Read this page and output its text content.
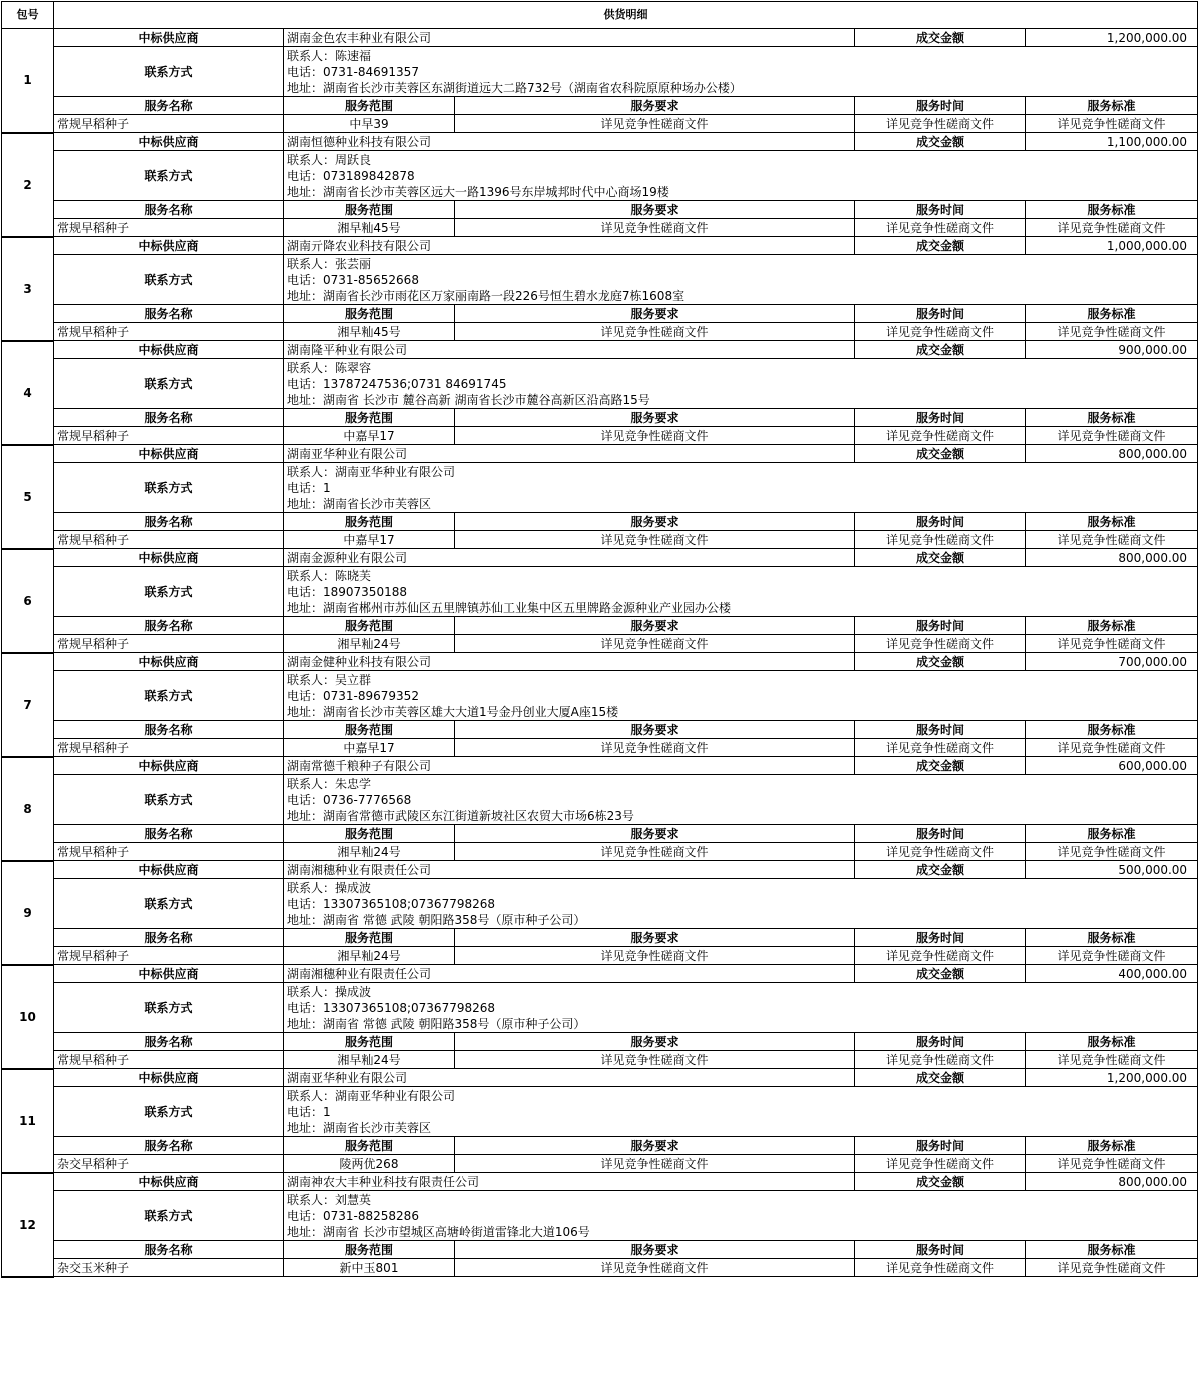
包号	供货明细				
1	中标供应商	湖南金色农丰种业有限公司		成交金额	1,200,000.00
	联系方式	联系人：陈速福
电话：0731-84691357
地址：湖南省长沙市芙蓉区东湖街道远大二路732号（湖南省农科院原原种场办公楼）			

	服务名称	服务范围	服务要求	服务时间	服务标准
	常规早稻种子	中早39	详见竞争性磋商文件	详见竞争性磋商文件	详见竞争性磋商文件
2	中标供应商	湖南恒德种业科技有限公司		成交金额	1,100,000.00
	联系方式	联系人：周跃良
电话：073189842878
地址：湖南省长沙市芙蓉区远大一路1396号东岸城邦时代中心商场19楼			

	服务名称	服务范围	服务要求	服务时间	服务标准
	常规早稻种子	湘早籼45号	详见竞争性磋商文件	详见竞争性磋商文件	详见竞争性磋商文件
3	中标供应商	湖南亓降农业科技有限公司		成交金额	1,000,000.00
	联系方式	联系人：张芸丽
电话：0731-85652668
地址：湖南省长沙市雨花区万家丽南路一段226号恒生碧水龙庭7栋1608室			

	服务名称	服务范围	服务要求	服务时间	服务标准
	常规早稻种子	湘早籼45号	详见竞争性磋商文件	详见竞争性磋商文件	详见竞争性磋商文件
4	中标供应商	湖南隆平种业有限公司		成交金额	900,000.00
	联系方式	联系人：陈翠容
电话：13787247536;0731 84691745
地址：湖南省 长沙市 麓谷高新 湖南省长沙市麓谷高新区沿高路15号			

	服务名称	服务范围	服务要求	服务时间	服务标准
	常规早稻种子	中嘉早17	详见竞争性磋商文件	详见竞争性磋商文件	详见竞争性磋商文件
5	中标供应商	湖南亚华种业有限公司		成交金额	800,000.00
	联系方式	联系人：湖南亚华种业有限公司
电话：1
地址：湖南省长沙市芙蓉区			

	服务名称	服务范围	服务要求	服务时间	服务标准
	常规早稻种子	中嘉早17	详见竞争性磋商文件	详见竞争性磋商文件	详见竞争性磋商文件
6	中标供应商	湖南金源种业有限公司		成交金额	800,000.00
	联系方式	联系人：陈晓芙
电话：18907350188
地址：湖南省郴州市苏仙区五里牌镇苏仙工业集中区五里牌路金源种业产业园办公楼			

	服务名称	服务范围	服务要求	服务时间	服务标准
	常规早稻种子	湘早籼24号	详见竞争性磋商文件	详见竞争性磋商文件	详见竞争性磋商文件
7	中标供应商	湖南金健种业科技有限公司		成交金额	700,000.00
	联系方式	联系人：吴立群
电话：0731-89679352
地址：湖南省长沙市芙蓉区雄大大道1号金丹创业大厦A座15楼			

	服务名称	服务范围	服务要求	服务时间	服务标准
	常规早稻种子	中嘉早17	详见竞争性磋商文件	详见竞争性磋商文件	详见竞争性磋商文件
8	中标供应商	湖南常德千粮种子有限公司		成交金额	600,000.00
	联系方式	联系人：朱忠学
电话：0736-7776568
地址：湖南省常德市武陵区东江街道新坡社区农贸大市场6栋23号			

	服务名称	服务范围	服务要求	服务时间	服务标准
	常规早稻种子	湘早籼24号	详见竞争性磋商文件	详见竞争性磋商文件	详见竞争性磋商文件
9	中标供应商	湖南湘穗种业有限责任公司		成交金额	500,000.00
	联系方式	联系人：操成波
电话：13307365108;07367798268
地址：湖南省 常德 武陵 朝阳路358号（原市种子公司）			

	服务名称	服务范围	服务要求	服务时间	服务标准
	常规早稻种子	湘早籼24号	详见竞争性磋商文件	详见竞争性磋商文件	详见竞争性磋商文件
10	中标供应商	湖南湘穗种业有限责任公司		成交金额	400,000.00
	联系方式	联系人：操成波
电话：13307365108;07367798268
地址：湖南省 常德 武陵 朝阳路358号（原市种子公司）			

	服务名称	服务范围	服务要求	服务时间	服务标准
	常规早稻种子	湘早籼24号	详见竞争性磋商文件	详见竞争性磋商文件	详见竞争性磋商文件
11	中标供应商	湖南亚华种业有限公司		成交金额	1,200,000.00
	联系方式	联系人：湖南亚华种业有限公司
电话：1
地址：湖南省长沙市芙蓉区			

	服务名称	服务范围	服务要求	服务时间	服务标准
	杂交早稻种子	陵两优268	详见竞争性磋商文件	详见竞争性磋商文件	详见竞争性磋商文件
12	中标供应商	湖南神农大丰种业科技有限责任公司		成交金额	800,000.00
	联系方式	联系人：刘慧英
电话：0731-88258286
地址：湖南省 长沙市望城区高塘岭街道雷锋北大道106号			

	服务名称	服务范围	服务要求	服务时间	服务标准
	杂交玉米种子	新中玉801	详见竞争性磋商文件	详见竞争性磋商文件	详见竞争性磋商文件
